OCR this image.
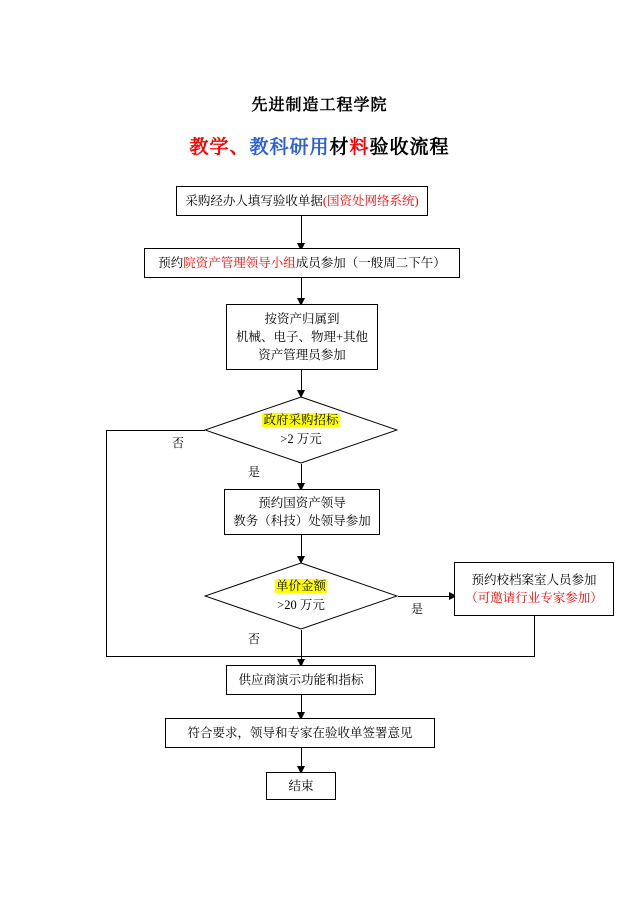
先进制造工程学院
教学、教科研用材料验收流程
采购经办人填写验收单据(国资处网络系统)
预约院资产管理领导小组成员参加（一般周二下午）
按资产归属到
机械、电子、物理+其他
资产管理员参加
政府采购招标
>2 万元
否
是
预约国资产领导
教务（科技）处领导参加
单价金额
>20 万元	是
预约校档案室人员参加
（可邀请行业专家参加）
否
供应商演示功能和指标
符合要求，领导和专家在验收单签署意见
结束
